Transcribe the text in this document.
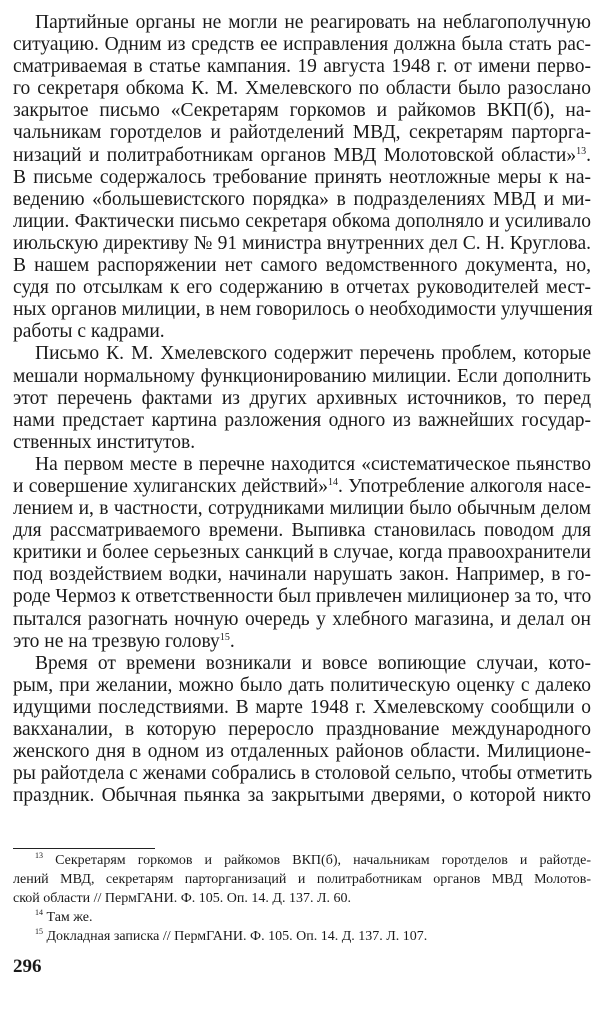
Партийные органы не могли не реагировать на неблагополучную
ситуацию. Одним из средств ее исправления должна была стать рас-
сматриваемая в статье кампания. 19 августа 1948 г. от имени перво-
го секретаря обкома К. М. Хмелевского по области было разослано
закрытое письмо «Секретарям горкомов и райкомов ВКП(б), на-
чальникам горотделов и райотделений МВД, секретарям парторга-
низаций и политработникам органов МВД Молотовской области»$^{13}$.
В письме содержалось требование принять неотложные меры к на-
ведению «большевистского порядка» в подразделениях МВД и ми-
лиции. Фактически письмо секретаря обкома дополняло и усиливало
июльскую директиву № 91 министра внутренних дел С. Н. Круглова.
В нашем распоряжении нет самого ведомственного документа, но,
судя по отсылкам к его содержанию в отчетах руководителей мест-
ных органов милиции, в нем говорилось о необходимости улучшения
работы с кадрами.
Письмо К. М. Хмелевского содержит перечень проблем, которые
мешали нормальному функционированию милиции. Если дополнить
этот перечень фактами из других архивных источников, то перед
нами предстает картина разложения одного из важнейших государ-
ственных институтов.
На первом месте в перечне находится «систематическое пьянство
и совершение хулиганских действий»$^{14}$. Употребление алкоголя насе-
лением и, в частности, сотрудниками милиции было обычным делом
для рассматриваемого времени. Выпивка становилась поводом для
критики и более серьезных санкций в случае, когда правоохранители
под воздействием водки, начинали нарушать закон. Например, в го-
роде Чермоз к ответственности был привлечен милиционер за то, что
пытался разогнать ночную очередь у хлебного магазина, и делал он
это не на трезвую голову$^{15}$.
Время от времени возникали и вовсе вопиющие случаи, кото-
рым, при желании, можно было дать политическую оценку с далеко
идущими последствиями. В марте 1948 г. Хмелевскому сообщили о
вакханалии, в которую переросло празднование международного
женского дня в одном из отдаленных районов области. Милиционе-
ры райотдела с женами собрались в столовой сельпо, чтобы отметить
праздник. Обычная пьянка за закрытыми дверями, о которой никто
$^{13}$ Секретарям горкомов и райкомов ВКП(б), начальникам горотделов и райотде-
лений МВД, секретарям парторганизаций и политработникам органов МВД Молотов-
ской области // ПермГАНИ. Ф. 105. Оп. 14. Д. 137. Л. 60.
$^{14}$ Там же.
$^{15}$ Докладная записка // ПермГАНИ. Ф. 105. Оп. 14. Д. 137. Л. 107.
296
